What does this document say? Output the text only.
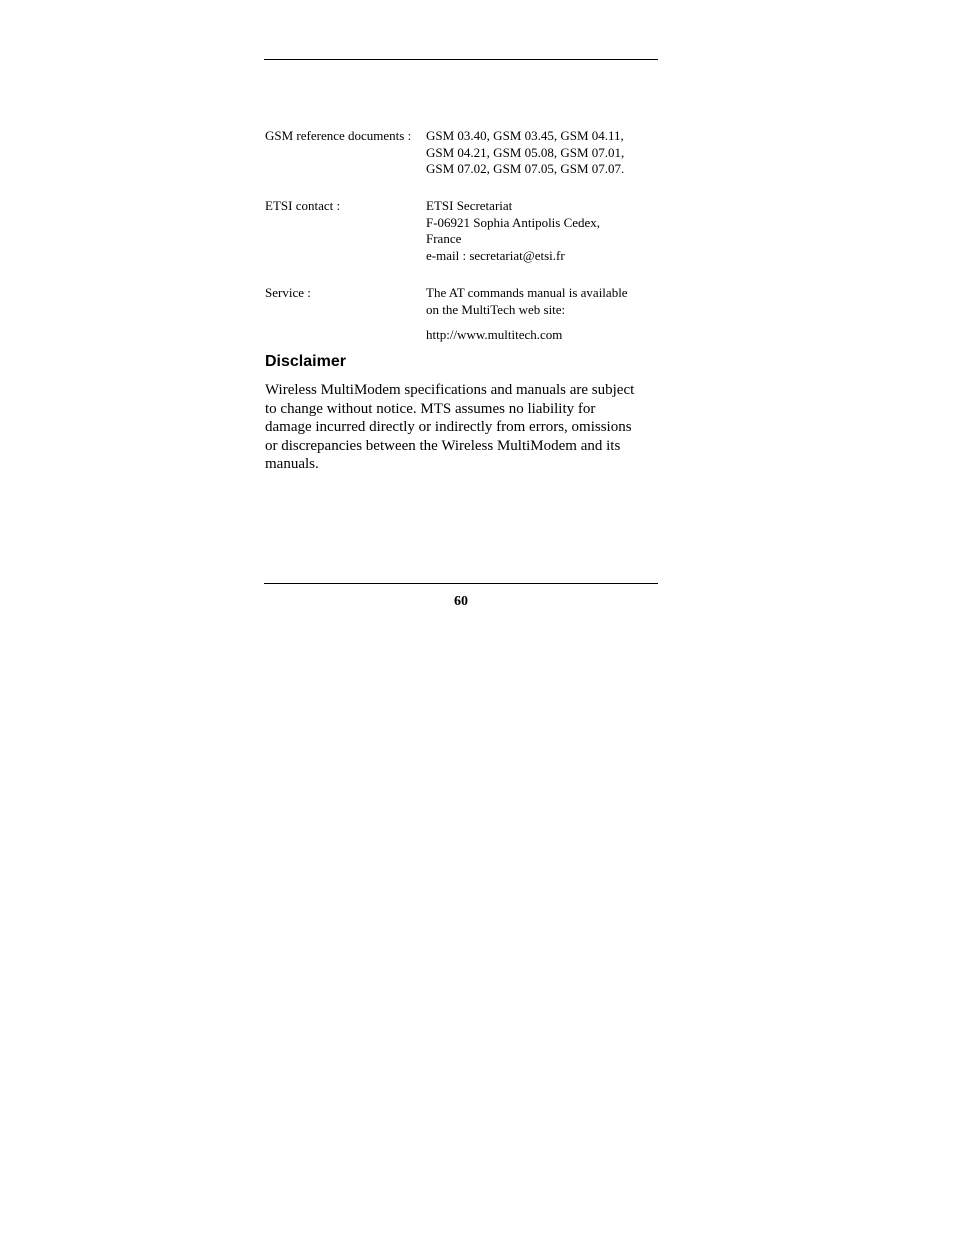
GSM reference documents : GSM 03.40, GSM 03.45, GSM 04.11,
GSM 04.21, GSM 05.08, GSM 07.01,
GSM 07.02, GSM 07.05, GSM 07.07.
ETSI contact :	ETSI Secretariat
F-06921 Sophia Antipolis Cedex,
France
e-mail : secretariat@etsi.fr
Service :	The AT commands manual is available
on the MultiTech web site:
http://www.multitech.com
Disclaimer

Wireless MultiModem specifications and manuals are subject
to change without notice. MTS assumes no liability for
damage incurred directly or indirectly from errors, omissions
or discrepancies between the Wireless MultiModem and its
manuals.

60
